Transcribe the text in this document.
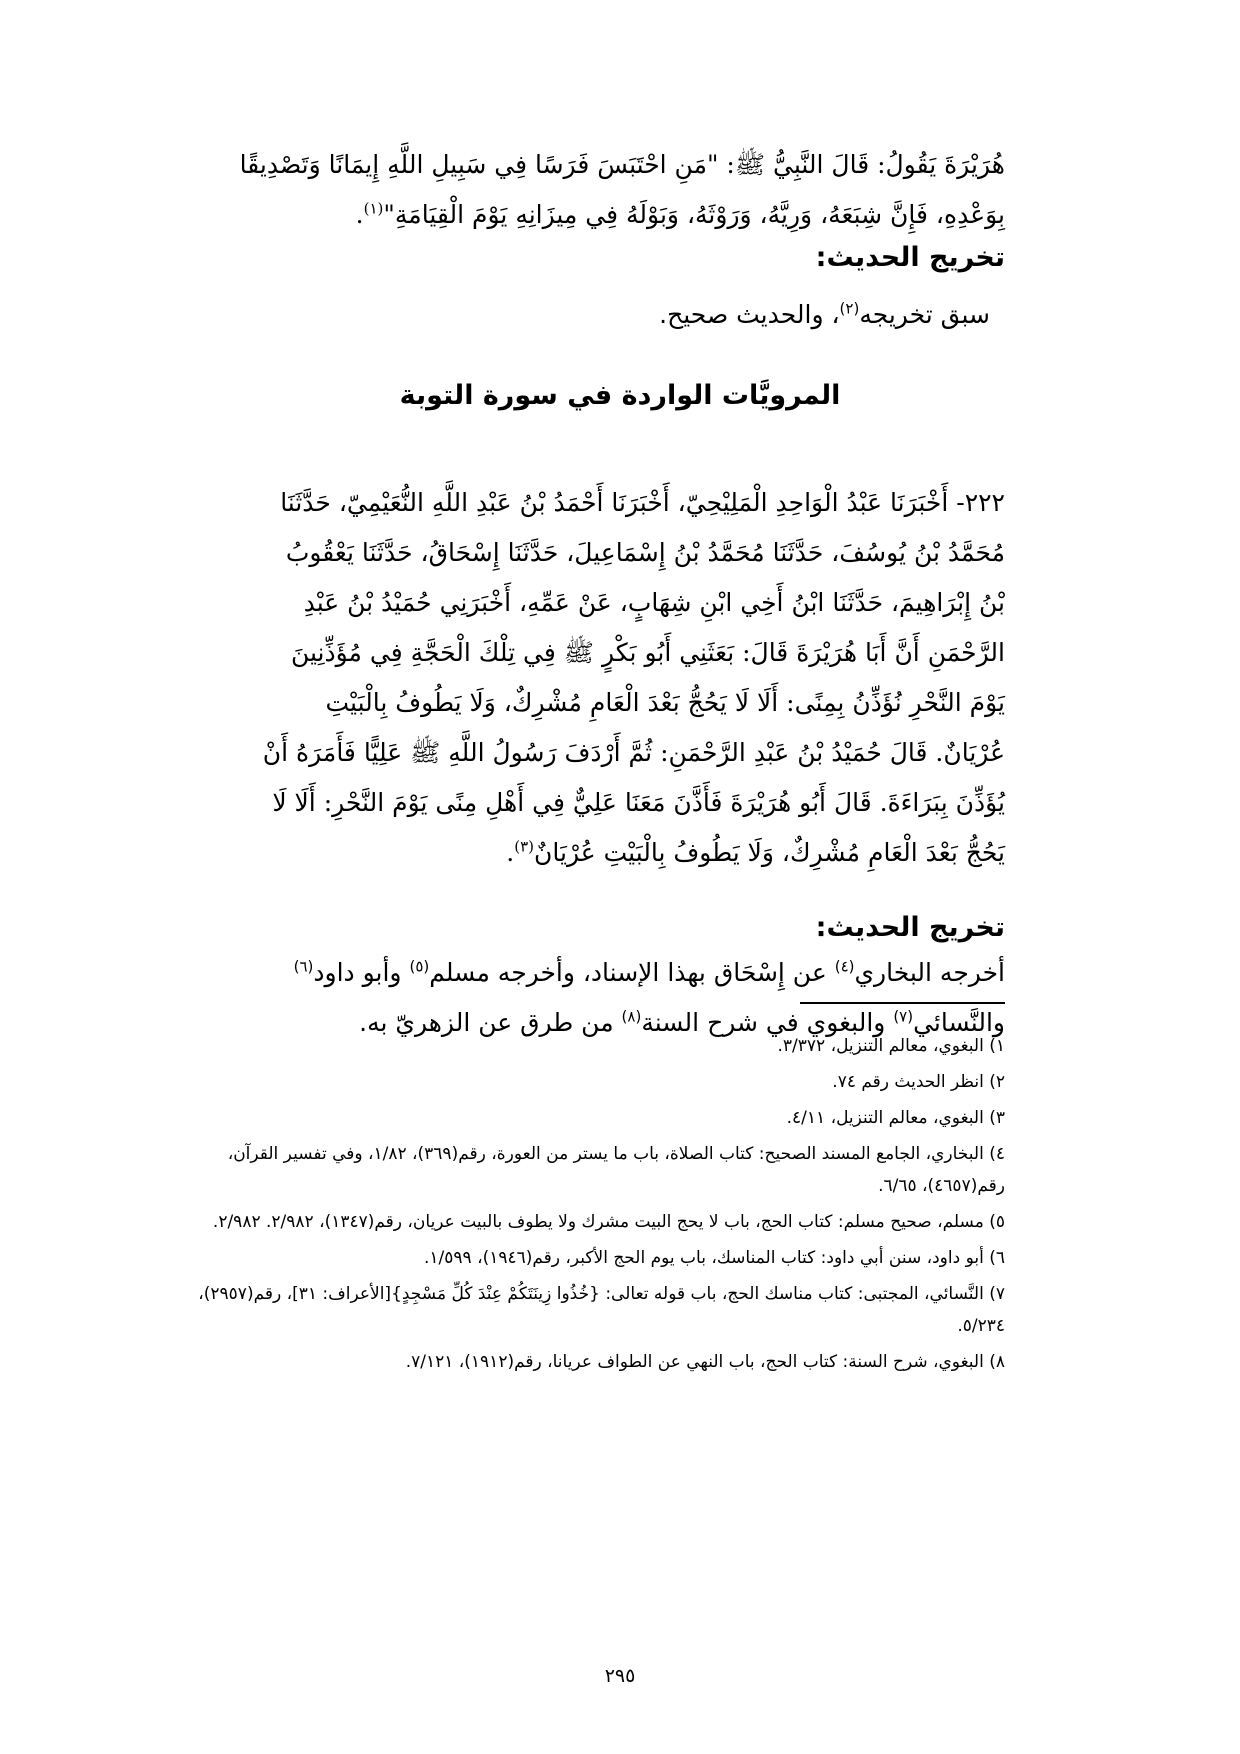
هُرَيْرَةَ يَقُولُ: قَالَ النَّبِيُّ ﷺ: "مَنِ احْتَبَسَ فَرَسًا فِي سَبِيلِ اللَّهِ إِيمَانًا وَتَصْدِيقًا
بِوَعْدِهِ، فَإِنَّ شِبَعَهُ، وَرِيَّهُ، وَرَوْثَهُ، وَبَوْلَهُ فِي مِيزَانِهِ يَوْمَ الْقِيَامَةِ"$^{(١)}$.
تخريج الحديث:
سبق تخريجه$^{(٢)}$، والحديث صحيح.
المرويَّات الواردة في سورة التوبة
٢٢٢- أَخْبَرَنَا عَبْدُ الْوَاحِدِ الْمَلِيْحِيّ، أَخْبَرَنَا أَحْمَدُ بْنُ عَبْدِ اللَّهِ النُّعَيْمِيّ، حَدَّثَنَا
مُحَمَّدُ بْنُ يُوسُفَ، حَدَّثَنَا مُحَمَّدُ بْنُ إِسْمَاعِيلَ، حَدَّثَنَا إِسْحَاقُ، حَدَّثَنَا يَعْقُوبُ
بْنُ إِبْرَاهِيمَ، حَدَّثَنَا ابْنُ أَخِي ابْنِ شِهَابٍ، عَنْ عَمِّهِ، أَخْبَرَنِي حُمَيْدُ بْنُ عَبْدِ
الرَّحْمَنِ أَنَّ أَبَا هُرَيْرَةَ قَالَ: بَعَثَنِي أَبُو بَكْرٍ ﷺ فِي تِلْكَ الْحَجَّةِ فِي مُؤَذِّنِينَ
يَوْمَ النَّحْرِ نُؤَذِّنُ بِمِنًى: أَلَا لَا يَحُجُّ بَعْدَ الْعَامِ مُشْرِكٌ، وَلَا يَطُوفُ بِالْبَيْتِ
عُرْيَانٌ. قَالَ حُمَيْدُ بْنُ عَبْدِ الرَّحْمَنِ: ثُمَّ أَرْدَفَ رَسُولُ اللَّهِ ﷺ عَلِيًّا فَأَمَرَهُ أَنْ
يُؤَذِّنَ بِبَرَاءَةَ. قَالَ أَبُو هُرَيْرَةَ فَأَذَّنَ مَعَنَا عَلِيٌّ فِي أَهْلِ مِنًى يَوْمَ النَّحْرِ: أَلَا لَا
يَحُجُّ بَعْدَ الْعَامِ مُشْرِكٌ، وَلَا يَطُوفُ بِالْبَيْتِ عُرْيَانٌ$^{(٣)}$.
تخريج الحديث:
أخرجه البخاري$^{(٤)}$ عن إِسْحَاق بهذا الإسناد، وأخرجه مسلم$^{(٥)}$ وأبو داود$^{(٦)}$
والنَّسائي$^{(٧)}$ والبغوي في شرح السنة$^{(٨)}$ من طرق عن الزهريّ به.
١) البغوي، معالم التنزيل، ٣/٣٧٢.
٢) انظر الحديث رقم ٧٤.
٣) البغوي، معالم التنزيل، ٤/١١.
٤) البخاري، الجامع المسند الصحيح: كتاب الصلاة، باب ما يستر من العورة، رقم(٣٦٩)، ١/٨٢، وفي تفسير القرآن، رقم(٤٦٥٧)، ٦/٦٥.
٥) مسلم، صحيح مسلم: كتاب الحج، باب لا يحج البيت مشرك ولا يطوف بالبيت عريان، رقم(١٣٤٧)، ٢/٩٨٢. ٢/٩٨٢.
٦) أبو داود، سنن أبي داود: كتاب المناسك، باب يوم الحج الأكبر، رقم(١٩٤٦)، ١/٥٩٩.
٧) النَّسائي، المجتبى: كتاب مناسك الحج، باب قوله تعالى: {خُذُوا زِينَتَكُمْ عِنْدَ كُلِّ مَسْجِدٍ}[الأعراف: ٣١]، رقم(٢٩٥٧)، ٥/٢٣٤.
٨) البغوي، شرح السنة: كتاب الحج، باب النهي عن الطواف عريانا، رقم(١٩١٢)، ٧/١٢١.
٢٩٥
